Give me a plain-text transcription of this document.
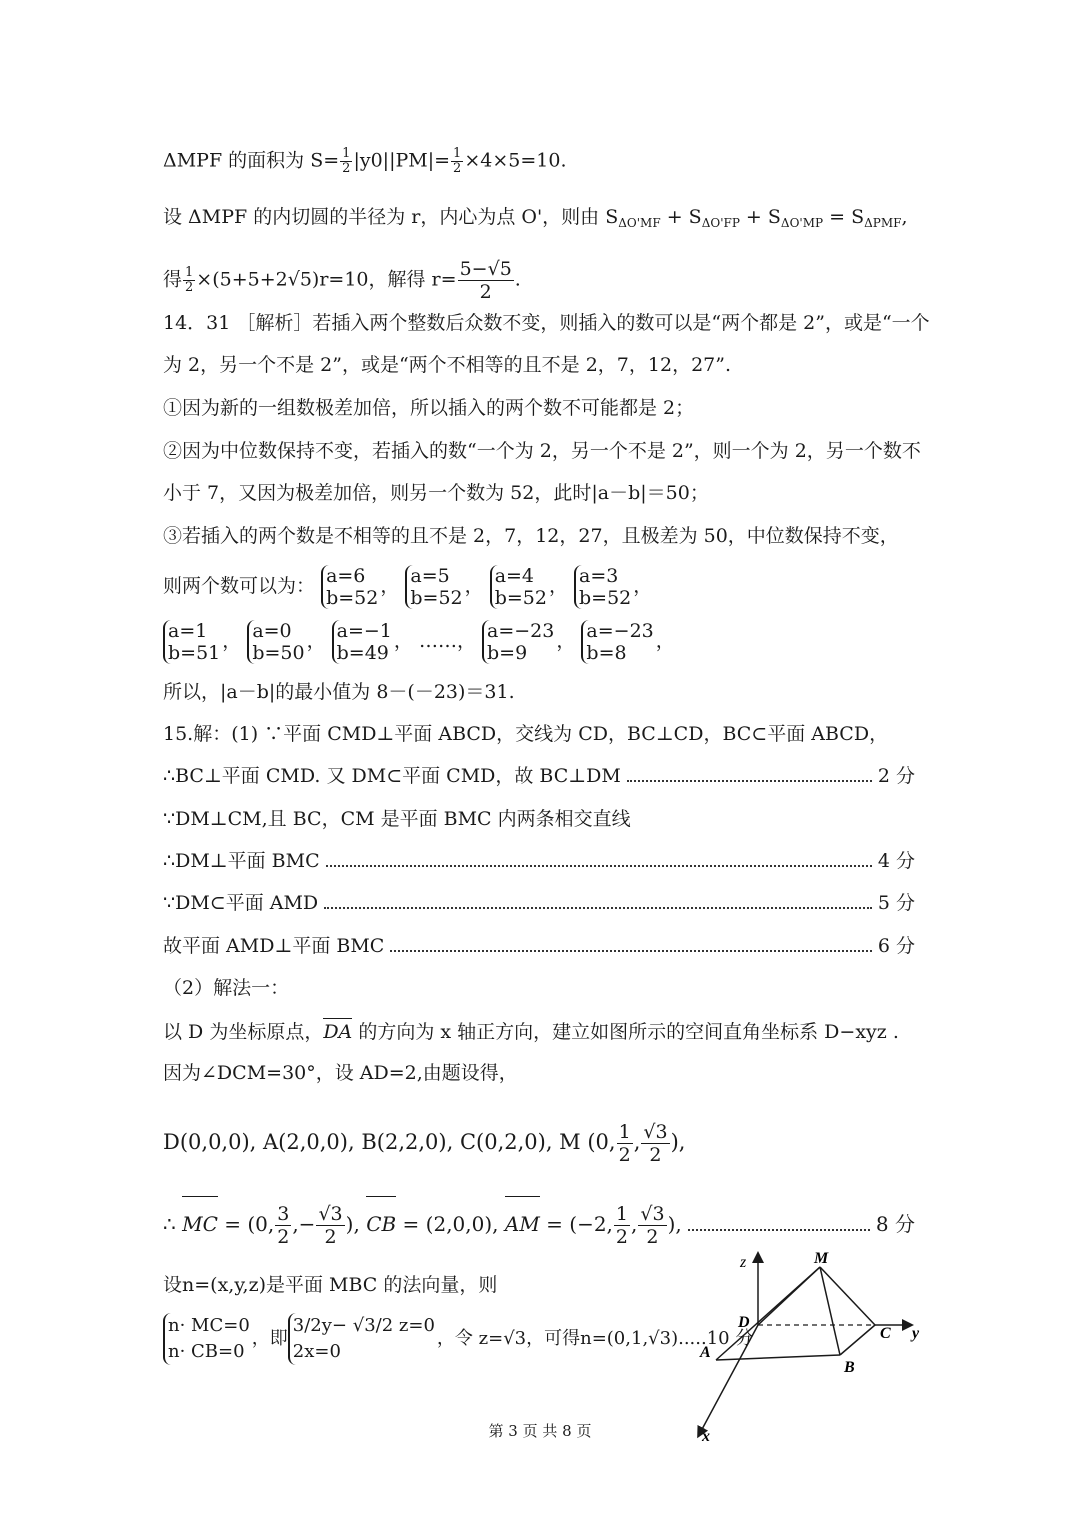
ΔMPF 的面积为 $S= \frac{1}{2} |y0||PM|= \frac{1}{2} \times 4\times 5=10$.
设 ΔMPF 的内切圆的半径为 r，内心为点 O'，则由 $S_{\Delta O'MF} + S_{\Delta O'FP} + S_{\Delta O'MP} = S_{\Delta PMF}$,
得 $\frac{1}{2} \times(5+5+2√5)r=10$，解得 $r= \frac{5-√5}{2}$ .
14．31 ［解析］若插入两个整数后众数不变，则插入的数可以是“两个都是 2”，或是“一个
为 2，另一个不是 2”，或是“两个不相等的且不是 2，7，12，27”.
①因为新的一组数极差加倍，所以插入的两个数不可能都是 2；
②因为中位数保持不变，若插入的数“一个为 2，另一个不是 2”，则一个为 2，另一个数不
小于 7，又因为极差加倍，则另一个数为 52，此时|a－b|＝50；
③若插入的两个数是不相等的且不是 2，7，12，27，且极差为 50，中位数保持不变，
则两个数可以为： a=6
b=52
， a=5
b=52
， a=4
b=52
， a=3
b=52
，
a=1
b=51
， a=0
b=50
， a=−1
b=49
， ……， a=−23
b=9
， a=−23
b=8
，
所以，|a－b|的最小值为 8－(－23)＝31.
15.解：(1) ∵平面 CMD⊥平面 ABCD，交线为 CD，BC⊥CD，BC⊂平面 ABCD，
∴BC⊥平面 CMD. 又 DM⊂平面 CMD，故 BC⊥DM	2 分
∵DM⊥CM,且 BC，CM 是平面 BMC 内两条相交直线
∴DM⊥平面 BMC	4 分
∵DM⊂平面 AMD	5 分
故平面 AMD⊥平面 BMC	6 分
（2）解法一：
以 D 为坐标原点，DA 的方向为 x 轴正方向，建立如图所示的空间直角坐标系 D−xyz .
因为∠DCM=30°，设 AD=2,由题设得，
D(0,0,0), A(2,0,0), B(2,2,0), C(0,2,0), M (0, $\frac{1}{2}$ , $\frac{√3}{2}$ ),
∴ MC = (0, $\frac{3}{2}$ ,− $\frac{√3}{2}$ ), CB = (2,0,0), AM = (−2, $\frac{1}{2}$ , $\frac{√3}{2}$ ),	8 分
设n=(x,y,z)是平面 MBC 的法向量，则
n· MC=0
n· CB=0
，即
3/2y− √3/2 z=0
2x=0
，令 z=√3，可得n=(0,1,√3).....10 分
z	M
D
C y
A
B
x
第 3 页 共 8 页
